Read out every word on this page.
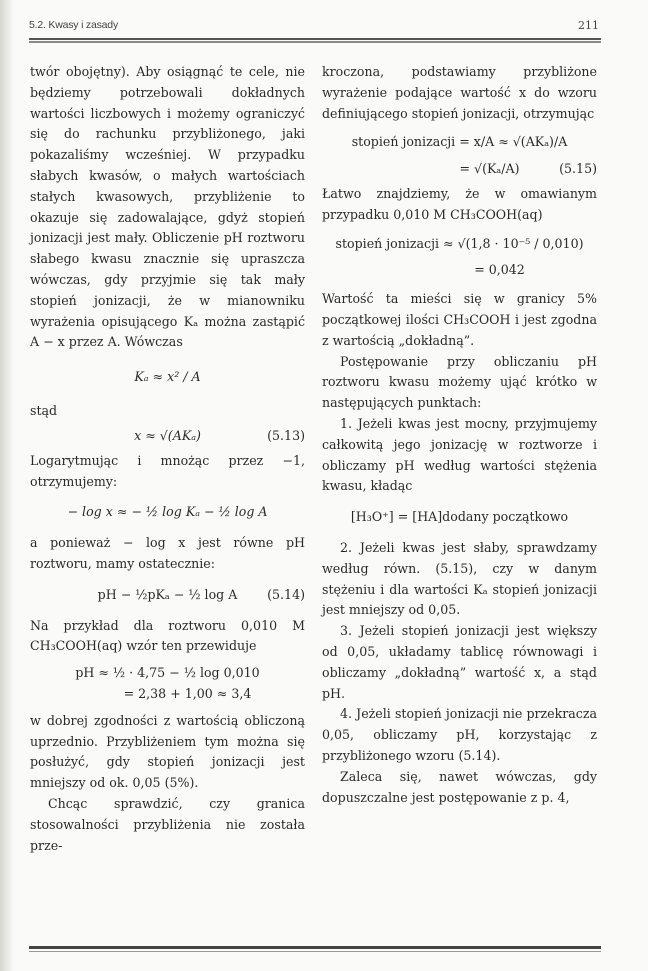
5.2. Kwasy i zasady	211

twór obojętny). Aby osiągnąć te cele, nie będziemy potrzebowali dokładnych wartości liczbowych i możemy ograniczyć się do rachunku przybliżonego, jaki pokazaliśmy wcześniej. W przypadku słabych kwasów, o małych wartościach stałych kwasowych, przybliżenie to okazuje się zadowalające, gdyż stopień jonizacji jest mały. Obliczenie pH roztworu słabego kwasu znacznie się upraszcza wówczas, gdy przyjmie się tak mały stopień jonizacji, że w mianowniku wyrażenia opisującego Kₐ można zastąpić A − x przez A. Wówczas

Kₐ ≈ x² / A

stąd

x ≈ √(AKₐ)	(5.13)

Logarytmując i mnożąc przez −1, otrzymujemy:

− log x ≈ − ½ log Kₐ − ½ log A

a ponieważ − log x jest równe pH roztworu, mamy ostatecznie:

pH − ½pKₐ − ½ log A (5.14)

Na przykład dla roztworu 0,010 M CH₃COOH(aq) wzór ten przewiduje

pH ≈ ½ · 4,75 − ½ log 0,010
= 2,38 + 1,00 ≈ 3,4

w dobrej zgodności z wartością obliczoną uprzednio. Przybliżeniem tym można się posłużyć, gdy stopień jonizacji jest mniejszy od ok. 0,05 (5%).

Chcąc sprawdzić, czy granica stosowalności przybliżenia nie została prze-

kroczona, podstawiamy przybliżone wyrażenie podające wartość x do wzoru definiującego stopień jonizacji, otrzymując

stopień jonizacji = x/A ≈ √(AKₐ)/A
= √(Kₐ/A)	(5.15)

Łatwo znajdziemy, że w omawianym przypadku 0,010 M CH₃COOH(aq)

stopień jonizacji ≈ √(1,8 · 10⁻⁵ / 0,010)
= 0,042

Wartość ta mieści się w granicy 5% początkowej ilości CH₃COOH i jest zgodna z wartością „dokładną”.

Postępowanie przy obliczaniu pH roztworu kwasu możemy ująć krótko w następujących punktach:

1. Jeżeli kwas jest mocny, przyjmujemy całkowitą jego jonizację w roztworze i obliczamy pH według wartości stężenia kwasu, kładąc

[H₃O⁺] = [HA]dodany początkowo

2. Jeżeli kwas jest słaby, sprawdzamy według równ. (5.15), czy w danym stężeniu i dla wartości Kₐ stopień jonizacji jest mniejszy od 0,05.

3. Jeżeli stopień jonizacji jest większy od 0,05, układamy tablicę równowagi i obliczamy „dokładną” wartość x, a stąd pH.

4. Jeżeli stopień jonizacji nie przekracza 0,05, obliczamy pH, korzystając z przybliżonego wzoru (5.14).

Zaleca się, nawet wówczas, gdy dopuszczalne jest postępowanie z p. 4,
